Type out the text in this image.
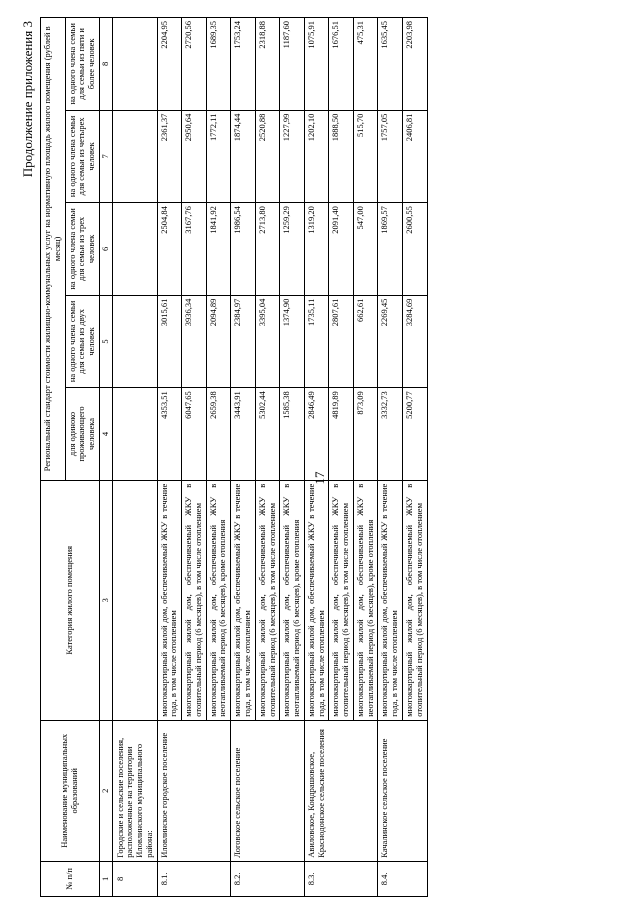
17
Продолжение приложения 3
№ п/п	Наименование муниципальных образований	Категория жилого помещения	Региональный стандарт стоимости жилищно-коммунальных услуг на нормативную площадь жилого помещения (рублей в месяц)				
			для одиноко проживающего человека	на одного члена семьи для семьи из двух человек	на одного члена семьи для семьи из трех человек	на одного члена семьи для семьи из четырех человек	на одного члена семьи для семьи из пяти и более человек
1	2	3	4	5	6	7	8
8	Городские и сельские поселения, расположенные на территории Иловлинского муниципального района:						
8.1.	Иловлинское городское поселение	многоквартирный жилой дом, обеспечиваемый ЖКУ в течение года, в том числе отоплением	4353,51	3015,61	2504,84	2361,37	2204,95
		многоквартирный жилой дом, обеспечиваемый ЖКУ в отопительный период (6 месяцев), в том числе отоплением	6047,65	3936,34	3167,76	2950,64	2720,56
		многоквартирный жилой дом, обеспечиваемый ЖКУ в неотапливаемый период (6 месяцев), кроме отопления	2659,38	2094,89	1841,92	1772,11	1689,35
8.2.	Логовское сельское поселение	многоквартирный жилой дом, обеспечиваемый ЖКУ в течение года, в том числе отоплением	3443,91	2384,97	1986,54	1874,44	1753,24
		многоквартирный жилой дом, обеспечиваемый ЖКУ в отопительный период (6 месяцев), в том числе отоплением	5302,44	3395,04	2713,80	2520,88	2318,88
		многоквартирный жилой дом, обеспечиваемый ЖКУ в неотапливаемый период (6 месяцев), кроме отопления	1585,38	1374,90	1259,29	1227,99	1187,60
8.3.	Авиловское, Кондрашовское, Краснодонское сельские поселения	многоквартирный жилой дом, обеспечиваемый ЖКУ в течение года, в том числе отоплением	2846,49	1735,11	1319,20	1202,10	1075,91
		многоквартирный жилой дом, обеспечиваемый ЖКУ в отопительный период (6 месяцев), в том числе отоплением	4819,89	2807,61	2091,40	1888,50	1676,51
		многоквартирный жилой дом, обеспечиваемый ЖКУ в неотапливаемый период (6 месяцев), кроме отопления	873,09	662,61	547,00	515,70	475,31
8.4.	Качалинское сельское поселение	многоквартирный жилой дом, обеспечиваемый ЖКУ в течение года, в том числе отоплением	3332,73	2269,45	1869,57	1757,05	1635,45
		многоквартирный жилой дом, обеспечиваемый ЖКУ в отопительный период (6 месяцев), в том числе отоплением	5200,77	3284,69	2600,55	2406,81	2203,98
